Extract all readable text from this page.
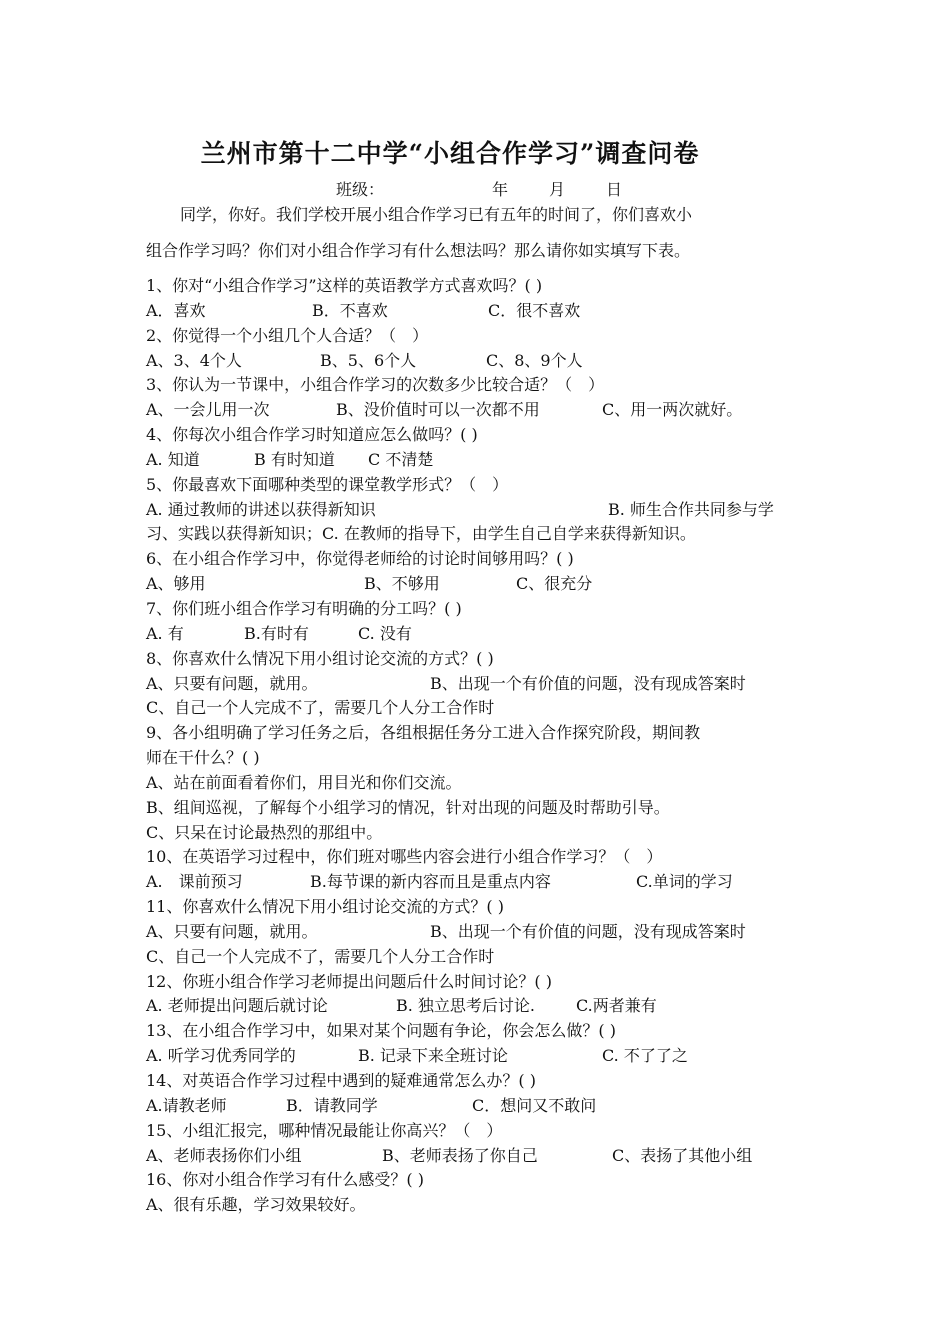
兰州市第十二中学“小组合作学习”调查问卷
班级：	年	月	日
同学，你好。我们学校开展小组合作学习已有五年的时间了，你们喜欢小
组合作学习吗？你们对小组合作学习有什么想法吗？那么请你如实填写下表。
1、你对“小组合作学习”这样的英语教学方式喜欢吗？( )
A．喜欢	B．不喜欢	C．很不喜欢
2、你觉得一个小组几个人合适？（　）
A、3、4个人	B、5、6个人	C、8、9个人
3、你认为一节课中，小组合作学习的次数多少比较合适？（　）
A、一会儿用一次	B、没价值时可以一次都不用	C、用一两次就好。
4、你每次小组合作学习时知道应怎么做吗？( )
A. 知道	B 有时知道 C 不清楚
5、你最喜欢下面哪种类型的课堂教学形式？（　）
A. 通过教师的讲述以获得新知识	B. 师生合作共同参与学
习、实践以获得新知识；C. 在教师的指导下，由学生自己自学来获得新知识。
6、在小组合作学习中，你觉得老师给的讨论时间够用吗？( )
A、够用	B、不够用	C、很充分
7、你们班小组合作学习有明确的分工吗？( )
A. 有	B.有时有	C. 没有
8、你喜欢什么情况下用小组讨论交流的方式？( )
A、只要有问题，就用。	B、出现一个有价值的问题，没有现成答案时
C、自己一个人完成不了，需要几个人分工合作时
9、各小组明确了学习任务之后，各组根据任务分工进入合作探究阶段，期间教
师在干什么？( )
A、站在前面看着你们，用目光和你们交流。
B、组间巡视，了解每个小组学习的情况，针对出现的问题及时帮助引导。
C、只呆在讨论最热烈的那组中。
10、在英语学习过程中，你们班对哪些内容会进行小组合作学习？（　）
A.　课前预习	B.每节课的新内容而且是重点内容	C.单词的学习
11、你喜欢什么情况下用小组讨论交流的方式？( )
A、只要有问题，就用。	B、出现一个有价值的问题，没有现成答案时
C、自己一个人完成不了，需要几个人分工合作时
12、你班小组合作学习老师提出问题后什么时间讨论？( )
A. 老师提出问题后就讨论	B. 独立思考后讨论.	C.两者兼有
13、在小组合作学习中，如果对某个问题有争论，你会怎么做？( )
A. 听学习优秀同学的	B. 记录下来全班讨论	C. 不了了之
14、对英语合作学习过程中遇到的疑难通常怎么办？( )
A.请教老师	B．请教同学	C．想问又不敢问
15、小组汇报完，哪种情况最能让你高兴？（　）
A、老师表扬你们小组	B、老师表扬了你自己	C、表扬了其他小组
16、你对小组合作学习有什么感受？( )
A、很有乐趣，学习效果较好。
